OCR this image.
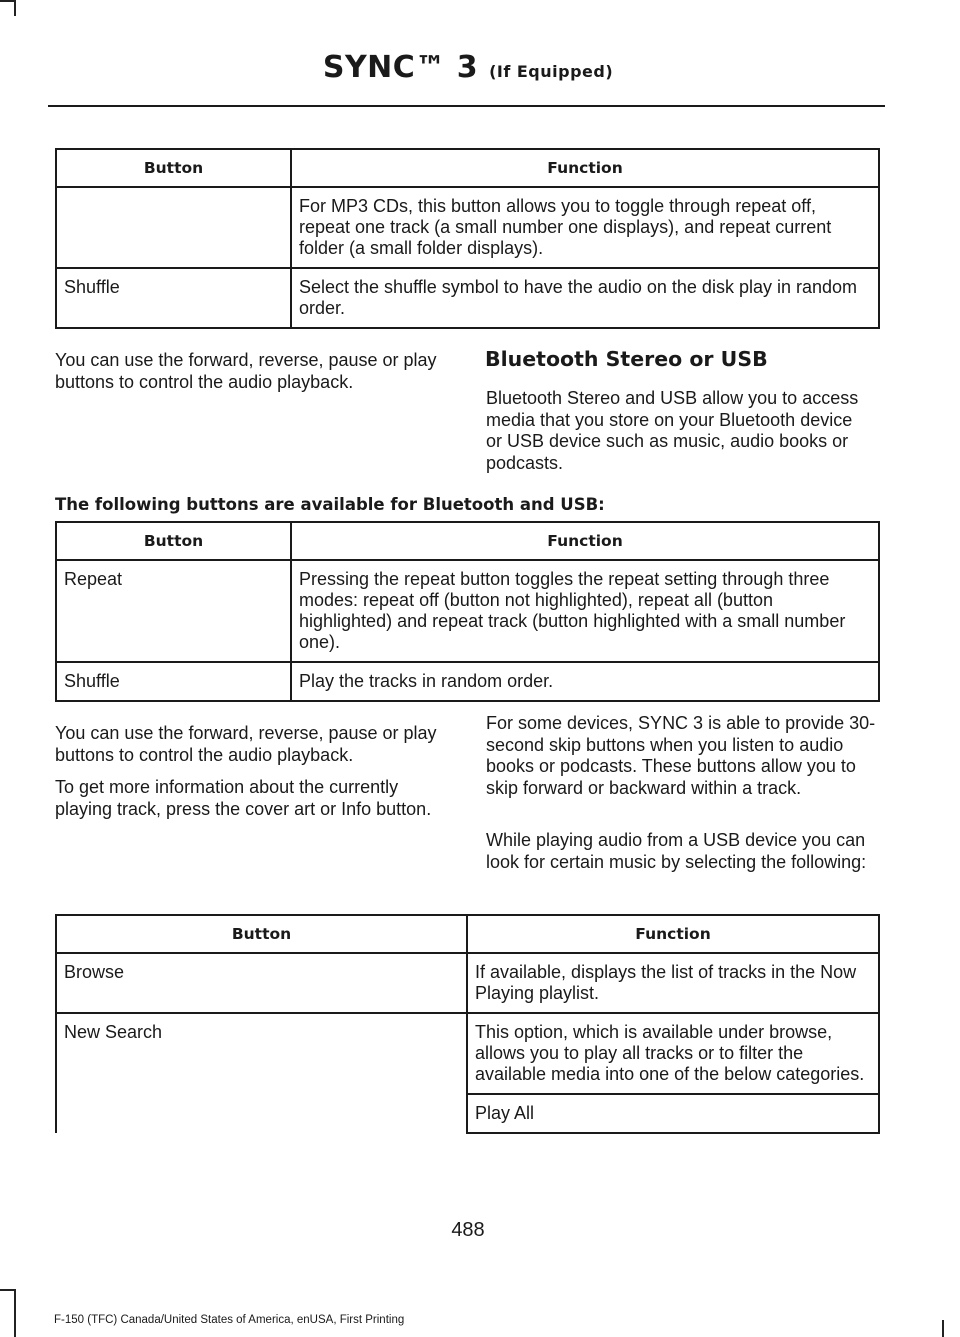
SYNC™ 3 (If Equipped)
Button	Function
	For MP3 CDs, this button allows you to toggle through repeat off, repeat one track (a small number one displays), and repeat current folder (a small folder displays).
Shuffle	Select the shuffle symbol to have the audio on the disk play in random order.

You can use the forward, reverse, pause or play buttons to control the audio playback.

Bluetooth Stereo or USB

Bluetooth Stereo and USB allow you to access media that you store on your Bluetooth device or USB device such as music, audio books or podcasts.

The following buttons are available for Bluetooth and USB:
Button	Function
Repeat	Pressing the repeat button toggles the repeat setting through three modes: repeat off (button not highlighted), repeat all (button highlighted) and repeat track (button highlighted with a small number one).
Shuffle	Play the tracks in random order.

You can use the forward, reverse, pause or play buttons to control the audio playback.

To get more information about the currently playing track, press the cover art or Info button.

For some devices, SYNC 3 is able to provide 30-second skip buttons when you listen to audio books or podcasts. These buttons allow you to skip forward or backward within a track.

While playing audio from a USB device you can look for certain music by selecting the following:

Button	Function
Browse	If available, displays the list of tracks in the Now Playing playlist.
New Search	This option, which is available under browse, allows you to play all tracks or to filter the available media into one of the below categories.
	Play All
488
F-150 (TFC) Canada/United States of America, enUSA, First Printing
